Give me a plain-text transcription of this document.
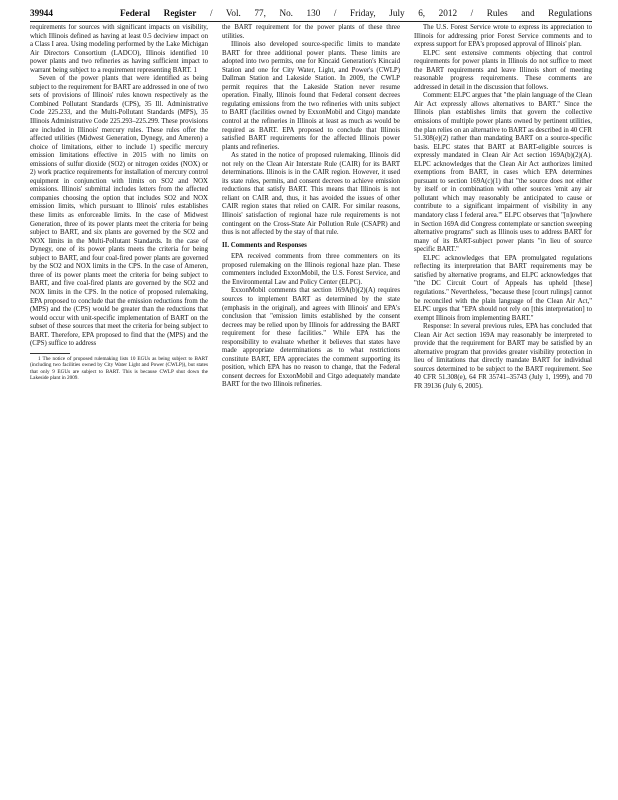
39944	Federal Register / Vol. 77, No. 130 / Friday, July 6, 2012 / Rules and Regulations

requirements for sources with significant impacts on visibility, which Illinois defined as having at least 0.5 deciview impact on a Class I area. Using modeling performed by the Lake Michigan Air Directors Consortium (LADCO), Illinois identified 10 power plants and two refineries as having sufficient impact to warrant being subject to a requirement representing BART. 1

Seven of the power plants that were identified as being subject to the requirement for BART are addressed in one of two sets of provisions of Illinois' rules known respectively as the Combined Pollutant Standards (CPS), 35 Ill. Administrative Code 225.233, and the Multi-Pollutant Standards (MPS), 35 Illinois Administrative Code 225.293–225.299. These provisions are included in Illinois' mercury rules. These rules offer the affected utilities (Midwest Generation, Dynegy, and Ameren) a choice of limitations, either to include 1) specific mercury emission limitations effective in 2015 with no limits on emissions of sulfur dioxide (SO2) or nitrogen oxides (NOX) or 2) work practice requirements for installation of mercury control equipment in conjunction with limits on SO2 and NOX emissions. Illinois' submittal includes letters from the affected companies choosing the option that includes SO2 and NOX emission limits, which pursuant to Illinois' rules establishes these limits as enforceable limits. In the case of Midwest Generation, three of its power plants meet the criteria for being subject to BART, and six plants are governed by the SO2 and NOX limits in the Multi-Pollutant Standards. In the case of Dynegy, one of its power plants meets the criteria for being subject to BART, and four coal-fired power plants are governed by the SO2 and NOX limits in the CPS. In the case of Ameren, three of its power plants meet the criteria for being subject to BART, and five coal-fired plants are governed by the SO2 and NOX limits in the CPS. In the notice of proposed rulemaking, EPA proposed to conclude that the emission reductions from the (MPS) and the (CPS) would be greater than the reductions that would occur with unit-specific implementation of BART on the subset of these sources that meet the criteria for being subject to BART. Therefore, EPA proposed to find that the (MPS) and the (CPS) suffice to address

1 The notice of proposed rulemaking lists 10 EGUs as being subject to BART (including two facilities owned by City Water Light and Power (CWLP)), but states that only 9 EGUs are subject to BART. This is because CWLP shut down the Lakeside plant in 2009.

the BART requirement for the power plants of these three utilities.

Illinois also developed source-specific limits to mandate BART for three additional power plants. These limits are adopted into two permits, one for Kincaid Generation's Kincaid Station and one for City Water, Light, and Power's (CWLP) Dallman Station and Lakeside Station. In 2009, the CWLP permit requires that the Lakeside Station never resume operation. Finally, Illinois found that Federal consent decrees regulating emissions from the two refineries with units subject to BART (facilities owned by ExxonMobil and Citgo) mandate control at the refineries in Illinois at least as much as would be required as BART. EPA proposed to conclude that Illinois satisfied BART requirements for the affected Illinois power plants and refineries.

As stated in the notice of proposed rulemaking, Illinois did not rely on the Clean Air Interstate Rule (CAIR) for its BART determinations. Illinois is in the CAIR region. However, it used its state rules, permits, and consent decrees to achieve emission reductions that satisfy BART. This means that Illinois is not reliant on CAIR and, thus, it has avoided the issues of other CAIR region states that relied on CAIR. For similar reasons, Illinois' satisfaction of regional haze rule requirements is not contingent on the Cross-State Air Pollution Rule (CSAPR) and thus is not affected by the stay of that rule.

II. Comments and Responses

EPA received comments from three commenters on its proposed rulemaking on the Illinois regional haze plan. These commenters included ExxonMobil, the U.S. Forest Service, and the Environmental Law and Policy Center (ELPC).

ExxonMobil comments that section 169A(b)(2)(A) requires sources to implement BART as determined by the state (emphasis in the original), and agrees with Illinois' and EPA's conclusion that "emission limits established by the consent decrees may be relied upon by Illinois for addressing the BART requirement for these facilities." While EPA has the responsibility to evaluate whether it believes that states have made appropriate determinations as to what restrictions constitute BART, EPA appreciates the comment supporting its position, which EPA has no reason to change, that the Federal consent decrees for ExxonMobil and Citgo adequately mandate BART for the two Illinois refineries.

The U.S. Forest Service wrote to express its appreciation to Illinois for addressing prior Forest Service comments and to express support for EPA's proposed approval of Illinois' plan.

ELPC sent extensive comments objecting that control requirements for power plants in Illinois do not suffice to meet the BART requirements and leave Illinois short of meeting reasonable progress requirements. These comments are addressed in detail in the discussion that follows.

Comment: ELPC argues that "the plain language of the Clean Air Act expressly allows alternatives to BART." Since the Illinois plan establishes limits that govern the collective emissions of multiple power plants owned by pertinent utilities, the plan relies on an alternative to BART as described in 40 CFR 51.308(e)(2) rather than mandating BART on a source-specific basis. ELPC states that BART at BART-eligible sources is expressly mandated in Clean Air Act section 169A(b)(2)(A). ELPC acknowledges that the Clean Air Act authorizes limited exemptions from BART, in cases which EPA determines pursuant to section 169A(c)(1) that "the source does not either by itself or in combination with other sources 'emit any air pollutant which may reasonably be anticipated to cause or contribute to a significant impairment of visibility in any mandatory class I federal area.'" ELPC observes that "[n]owhere in Section 169A did Congress contemplate or sanction sweeping alternative programs" such as Illinois uses to address BART for many of its BART-subject power plants "in lieu of source specific BART."

ELPC acknowledges that EPA promulgated regulations reflecting its interpretation that BART requirements may be satisfied by alternative programs, and ELPC acknowledges that "the DC Circuit Court of Appeals has upheld [these] regulations." Nevertheless, "because these [court rulings] cannot be reconciled with the plain language of the Clean Air Act," ELPC urges that "EPA should not rely on [this interpretation] to exempt Illinois from implementing BART."

Response: In several previous rules, EPA has concluded that Clean Air Act section 169A may reasonably be interpreted to provide that the requirement for BART may be satisfied by an alternative program that provides greater visibility protection in lieu of limitations that directly mandate BART for individual sources determined to be subject to the BART requirement. See 40 CFR 51.308(e), 64 FR 35741–35743 (July 1, 1999), and 70 FR 39136 (July 6, 2005).
